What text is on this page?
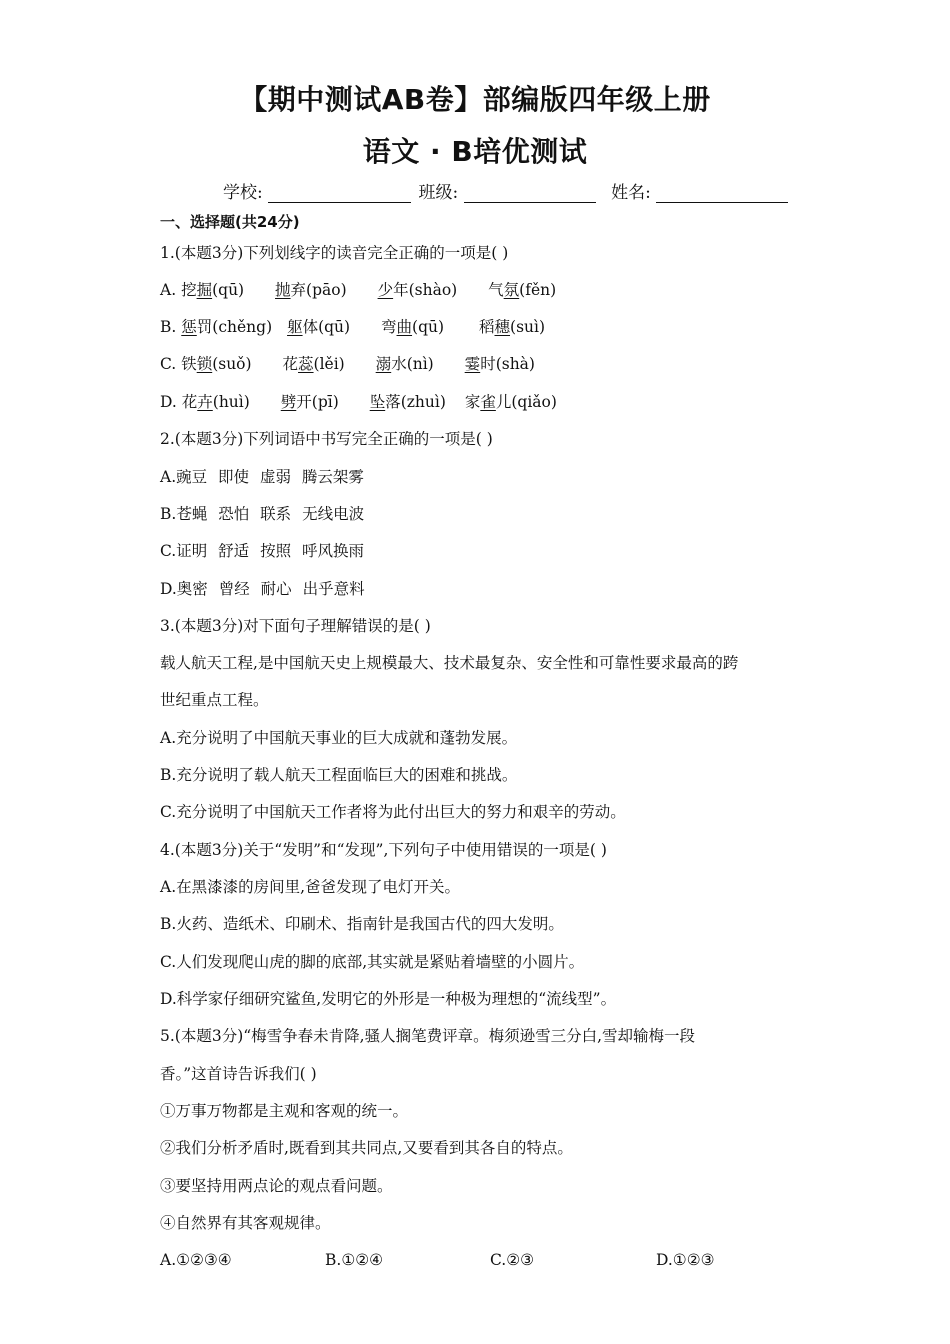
【期中测试AB卷】部编版四年级上册
语文 · B培优测试
学校:	班级:	姓名:
一、选择题(共24分)
1.(本题3分)下列划线字的读音完全正确的一项是( )
A. 挖掘(qū) 抛弃(pāo) 少年(shào) 气氛(fěn)
B. 惩罚(chěng) 躯体(qū) 弯曲(qū) 稻穗(suì)
C. 铁锁(suǒ) 花蕊(lěi) 溺水(nì) 霎时(shà)
D. 花卉(huì) 劈开(pī) 坠落(zhuì) 家雀儿(qiǎo)
2.(本题3分)下列词语中书写完全正确的一项是( )
A.豌豆 即使 虚弱 腾云架雾
B.苍蝇 恐怕 联系 无线电波
C.证明 舒适 按照 呼风换雨
D.奥密 曾经 耐心 出乎意料
3.(本题3分)对下面句子理解错误的是( )
载人航天工程,是中国航天史上规模最大、技术最复杂、安全性和可靠性要求最高的跨
世纪重点工程。
A.充分说明了中国航天事业的巨大成就和蓬勃发展。
B.充分说明了载人航天工程面临巨大的困难和挑战。
C.充分说明了中国航天工作者将为此付出巨大的努力和艰辛的劳动。
4.(本题3分)关于“发明”和“发现”,下列句子中使用错误的一项是( )
A.在黑漆漆的房间里,爸爸发现了电灯开关。
B.火药、造纸术、印刷术、指南针是我国古代的四大发明。
C.人们发现爬山虎的脚的底部,其实就是紧贴着墙壁的小圆片。
D.科学家仔细研究鲨鱼,发明它的外形是一种极为理想的“流线型”。
5.(本题3分)“梅雪争春未肯降,骚人搁笔费评章。梅须逊雪三分白,雪却输梅一段
香。”这首诗告诉我们( )
①万事万物都是主观和客观的统一。
②我们分析矛盾时,既看到其共同点,又要看到其各自的特点。
③要坚持用两点论的观点看问题。
④自然界有其客观规律。
A.①②③④	B.①②④	C.②③	D.①②③
